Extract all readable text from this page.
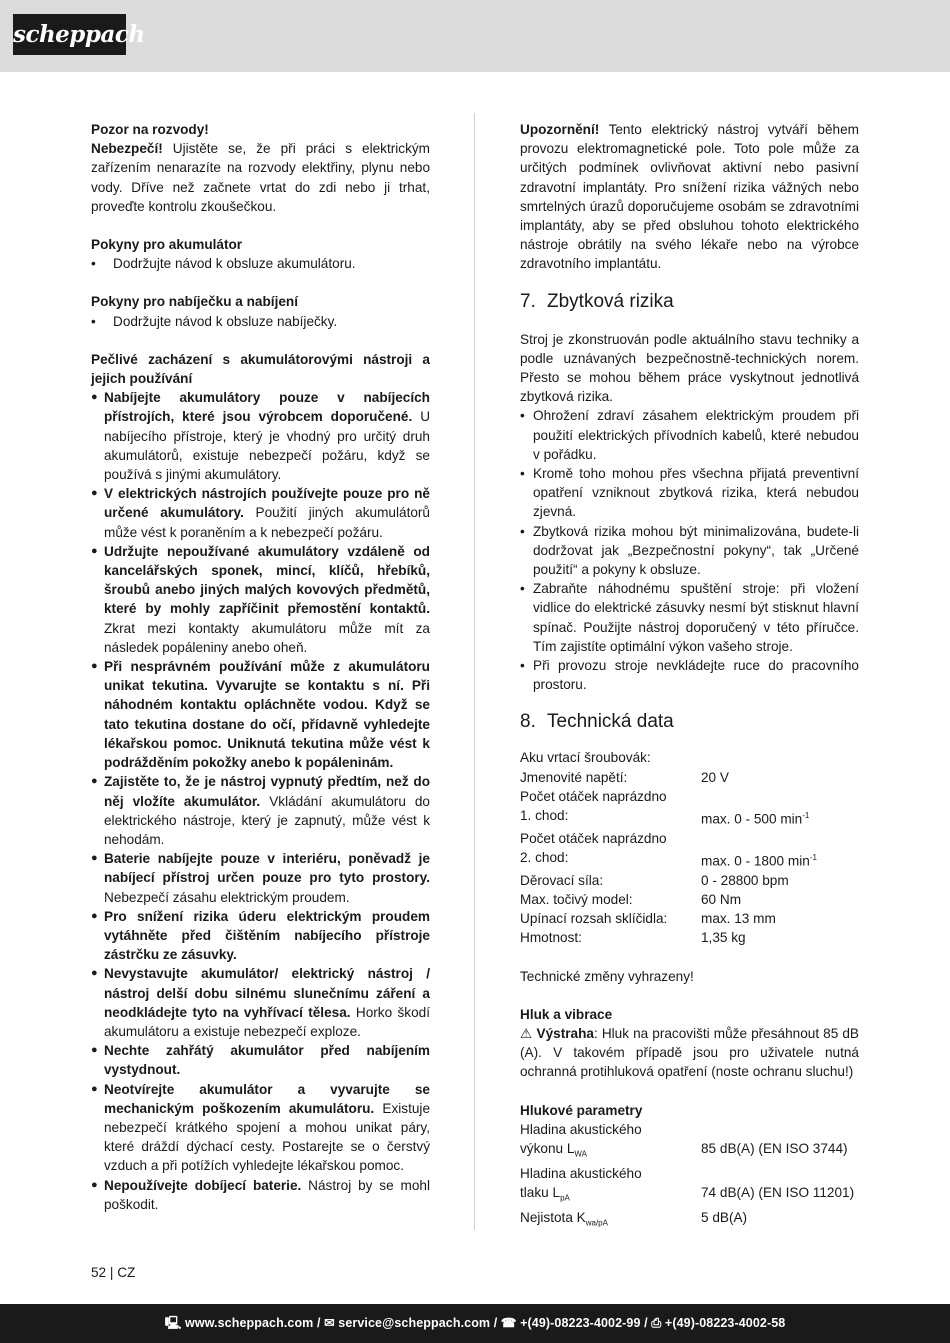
scheppach

Pozor na rozvody!

Nebezpečí! Ujistěte se, že při práci s elektrickým zařízením nenarazíte na rozvody elektřiny, plynu nebo vody. Dříve než začnete vrtat do zdi nebo ji trhat, proveďte kontrolu zkoušečkou.

Pokyny pro akumulátor

• Dodržujte návod k obsluze akumulátoru.

Pokyny pro nabíječku a nabíjení

• Dodržujte návod k obsluze nabíječky.

Pečlivé zacházení s akumulátorovými nástroji a jejich používání

● Nabíjejte akumulátory pouze v nabíjecích přístrojích, které jsou výrobcem doporučené. U nabíjecího přístroje, který je vhodný pro určitý druh akumulátorů, existuje nebezpečí požáru, když se používá s jinými akumulátory.

● V elektrických nástrojích používejte pouze pro ně určené akumulátory. Použití jiných akumulátorů může vést k poraněním a k nebezpečí požáru.

● Udržujte nepoužívané akumulátory vzdáleně od kancelářských sponek, mincí, klíčů, hřebíků, šroubů anebo jiných malých kovových předmětů, které by mohly zapříčinit přemostění kontaktů. Zkrat mezi kontakty akumulátoru může mít za následek popáleniny anebo oheň.

● Při nesprávném používání může z akumulátoru unikat tekutina. Vyvarujte se kontaktu s ní. Při náhodném kontaktu opláchněte vodou. Když se tato tekutina dostane do očí, přídavně vyhledejte lékařskou pomoc. Uniknutá tekutina může vést k podrážděním pokožky anebo k popáleninám.

● Zajistěte to, že je nástroj vypnutý předtím, než do něj vložíte akumulátor. Vkládání akumulátoru do elektrického nástroje, který je zapnutý, může vést k nehodám.

● Baterie nabíjejte pouze v interiéru, poněvadž je nabíjecí přístroj určen pouze pro tyto prostory. Nebezpečí zásahu elektrickým proudem.

● Pro snížení rizika úderu elektrickým proudem vytáhněte před čištěním nabíjecího přístroje zástrčku ze zásuvky.

● Nevystavujte akumulátor/ elektrický nástroj / nástroj delší dobu silnému slunečnímu záření a neodkládejte tyto na vyhřívací tělesa. Horko škodí akumulátoru a existuje nebezpečí exploze.

● Nechte zahřátý akumulátor před nabíjením vystydnout.

● Neotvírejte akumulátor a vyvarujte se mechanickým poškozením akumulátoru. Existuje nebezpečí krátkého spojení a mohou unikat páry, které dráždí dýchací cesty. Postarejte se o čerstvý vzduch a při potížích vyhledejte lékařskou pomoc.

● Nepoužívejte dobíjecí baterie. Nástroj by se mohl poškodit.

Upozornění! Tento elektrický nástroj vytváří během provozu elektromagnetické pole. Toto pole může za určitých podmínek ovlivňovat aktivní nebo pasivní zdravotní implantáty. Pro snížení rizika vážných nebo smrtelných úrazů doporučujeme osobám se zdravotními implantáty, aby se před obsluhou tohoto elektrického nástroje obrátily na svého lékaře nebo na výrobce zdravotního implantátu.

7. Zbytková rizika

Stroj je zkonstruován podle aktuálního stavu techniky a podle uznávaných bezpečnostně-technických norem. Přesto se mohou během práce vyskytnout jednotlivá zbytková rizika.

• Ohrožení zdraví zásahem elektrickým proudem při použití elektrických přívodních kabelů, které nebudou v pořádku.

• Kromě toho mohou přes všechna přijatá preventivní opatření vzniknout zbytková rizika, která nebudou zjevná.

• Zbytková rizika mohou být minimalizována, budete-li dodržovat jak „Bezpečnostní pokyny“, tak „Určené použití“ a pokyny k obsluze.

• Zabraňte náhodnému spuštění stroje: při vložení vidlice do elektrické zásuvky nesmí být stisknut hlavní spínač. Použijte nástroj doporučený v této příručce. Tím zajistíte optimální výkon vašeho stroje.

• Při provozu stroje nevkládejte ruce do pracovního prostoru.

8. Technická data
Aku vrtací šroubovák:
Jmenovité napětí:	20 V
Počet otáček naprázdno
1. chod:	max. 0 - 500 $\min^{-1}$
Počet otáček naprázdno
2. chod:	max. 0 - 1800 $\min^{-1}$
Děrovací síla:	0 - 28800 bpm
Max. točivý model:	60 Nm
Upínací rozsah sklíčidla:	max. 13 mm
Hmotnost:	1,35 kg

Technické změny vyhrazeny!

Hluk a vibrace

⚠︎ Výstraha: Hluk na pracovišti může přesáhnout 85 dB (A). V takovém případě jsou pro uživatele nutná ochranná protihluková opatření (noste ochranu sluchu!)

Hlukové parametry

Hladina akustického
výkonu $L_{WA}$	85 dB(A) (EN ISO 3744)
Hladina akustického
tlaku $L_{pA}$	74 dB(A) (EN ISO 11201)
Nejistota $K_{wa/pA}$	5 dB(A)
52 | CZ
🖳︎ www.scheppach.com / ✉︎ service@scheppach.com / ☎︎ +(49)-08223-4002-99 / ⎙ +(49)-08223-4002-58
